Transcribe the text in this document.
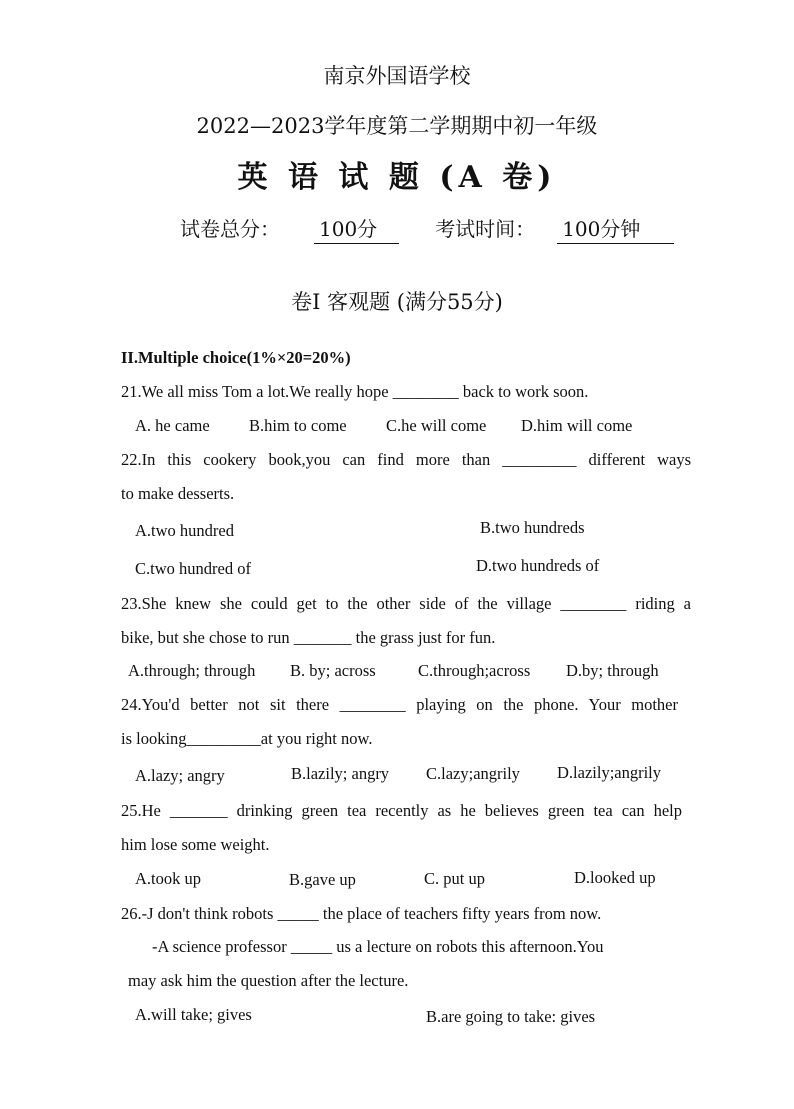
南京外国语学校
2022—2023学年度第二学期期中初一年级
英 语 试 题 (A 卷)
试卷总分： 100分	考试时间： 100分钟
卷Ⅰ 客观题 (满分55分)
II.Multiple choice(1%×20=20%)
21.We all miss Tom a lot.We really hope ________ back to work soon.
A. he came B.him to come C.he will come D.him will come
22.In this cookery book,you can find more than _________ different ways
to make desserts.
A.two hundred	B.two hundreds
C.two hundred of	D.two hundreds of
23.She knew she could get to the other side of the village ________ riding a
bike, but she chose to run _______ the grass just for fun.
A.through; through B. by; across	C.through;across D.by; through
24.You'd better not sit there ________ playing on the phone. Your mother
is looking_________at you right now.
A.lazy; angry	B.lazily; angry C.lazy;angrily D.lazily;angrily
25.He _______ drinking green tea recently as he believes green tea can help
him lose some weight.
A.took up	B.gave up	C. put up	D.looked up
26.-J don't think robots _____ the place of teachers fifty years from now.
-A science professor _____ us a lecture on robots this afternoon.You
may ask him the question after the lecture.
A.will take; gives	B.are going to take: gives
